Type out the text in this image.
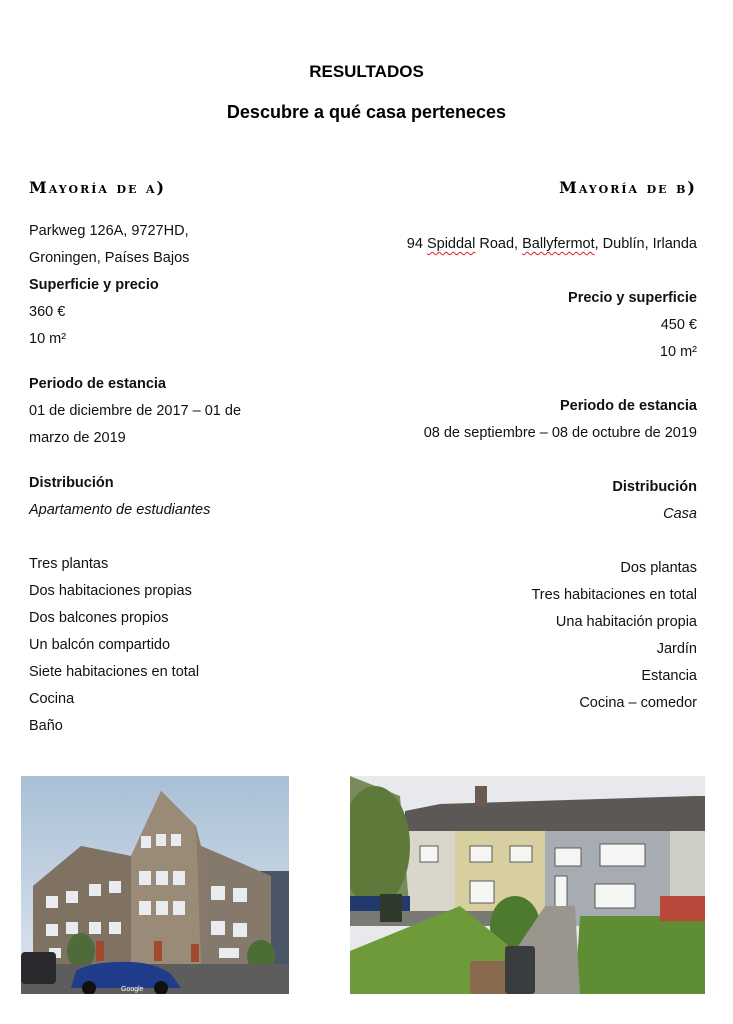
RESULTADOS
Descubre a qué casa perteneces
Mayoría de a)	Mayoría de b)
Parkweg 126A, 9727HD,
Groningen, Países Bajos
Superficie y precio
360 €
10 m²
Periodo de estancia
01 de diciembre de 2017 – 01 de
marzo de 2019
Distribución
Apartamento de estudiantes
Tres plantas
Dos habitaciones propias
Dos balcones propios
Un balcón compartido
Siete habitaciones en total
Cocina
Baño
94 Spiddal Road, Ballyfermot, Dublín, Irlanda
Precio y superficie
450 €
10 m²
Periodo de estancia
08 de septiembre – 08 de octubre de 2019
Distribución
Casa
Dos plantas
Tres habitaciones en total
Una habitación propia
Jardín
Estancia
Cocina – comedor
Google
